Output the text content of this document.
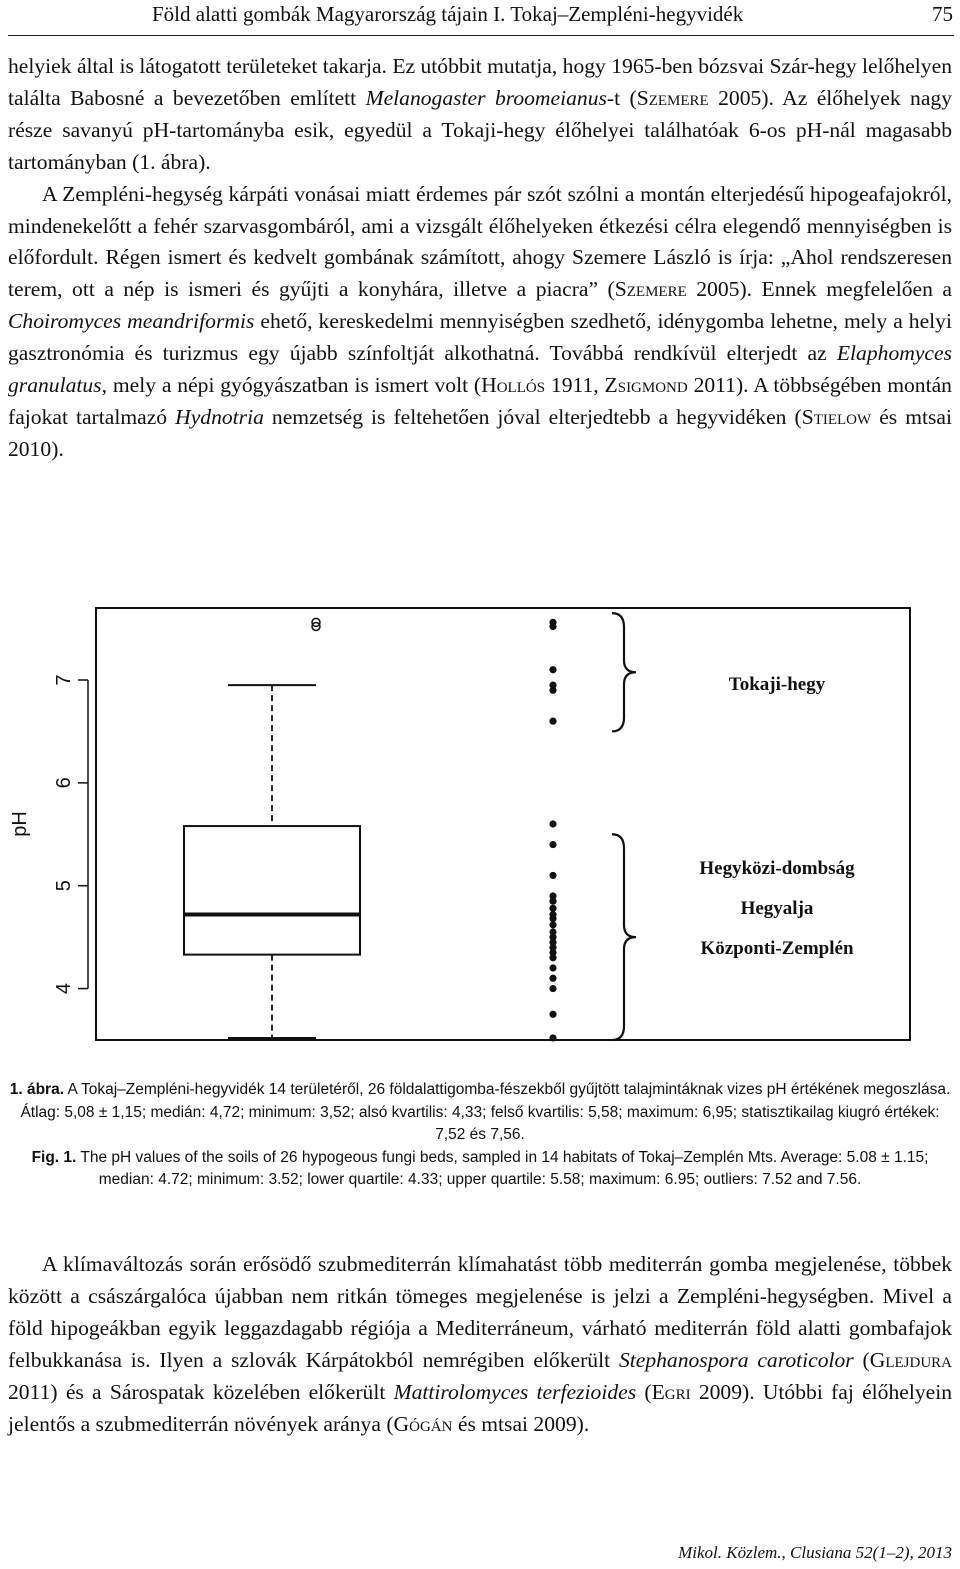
Föld alatti gombák Magyarország tájain I. Tokaj–Zempléni-hegyvidék	75

helyiek által is látogatott területeket takarja. Ez utóbbit mutatja, hogy 1965-ben bózsvai Szár-hegy lelőhelyen találta Babosné a bevezetőben említett Melanogaster broomeianus-t (Szemere 2005). Az élőhelyek nagy része savanyú pH-tartományba esik, egyedül a Tokaji-hegy élőhelyei találhatóak 6-os pH-nál magasabb tartományban (1. ábra).
A Zempléni-hegység kárpáti vonásai miatt érdemes pár szót szólni a montán elterjedésű hipogeafajokról, mindenekelőtt a fehér szarvasgombáról, ami a vizsgált élőhelyeken étkezési célra elegendő mennyiségben is előfordult. Régen ismert és kedvelt gombának számított, ahogy Szemere László is írja: „Ahol rendszeresen terem, ott a nép is ismeri és gyűjti a konyhára, illetve a piacra” (Szemere 2005). Ennek megfelelően a Choiromyces meandriformis ehető, kereskedelmi mennyiségben szedhető, idénygomba lehetne, mely a helyi gasztronómia és turizmus egy újabb színfoltját alkothatná. Továbbá rendkívül elterjedt az Elaphomyces granulatus, mely a népi gyógyászatban is ismert volt (Hollós 1911, Zsigmond 2011). A többségében montán fajokat tartalmazó Hydnotria nemzetség is feltehetően jóval elterjedtebb a hegyvidéken (Stielow és mtsai 2010).

4
5
6
7
pH
Tokaji-hegy
Hegyközi-dombság
Hegyalja
Központi-Zemplén
1. ábra. A Tokaj–Zempléni-hegyvidék 14 területéről, 26 földalattigomba-fészekből gyűjtött talajmintáknak vizes pH értékének megoszlása. Átlag: 5,08 ± 1,15; medián: 4,72; minimum: 3,52; alsó kvartilis: 4,33; felső kvartilis: 5,58; maximum: 6,95; statisztikailag kiugró értékek: 7,52 és 7,56.
Fig. 1. The pH values of the soils of 26 hypogeous fungi beds, sampled in 14 habitats of Tokaj–Zemplén Mts. Average: 5.08 ± 1.15; median: 4.72; minimum: 3.52; lower quartile: 4.33; upper quartile: 5.58; maximum: 6.95; outliers: 7.52 and 7.56.

A klímaváltozás során erősödő szubmediterrán klímahatást több mediterrán gomba megjelenése, többek között a császárgalóca újabban nem ritkán tömeges megjelenése is jelzi a Zempléni-hegységben. Mivel a föld hipogeákban egyik leggazdagabb régiója a Mediterráneum, várható mediterrán föld alatti gombafajok felbukkanása is. Ilyen a szlovák Kárpátokból nemrégiben előkerült Stephanospora caroticolor (Glejdura 2011) és a Sárospatak közelében előkerült Mattirolomyces terfezioides (Egri 2009). Utóbbi faj élőhelyein jelentős a szubmediterrán növények aránya (Gógán és mtsai 2009).

Mikol. Közlem., Clusiana 52(1–2), 2013
